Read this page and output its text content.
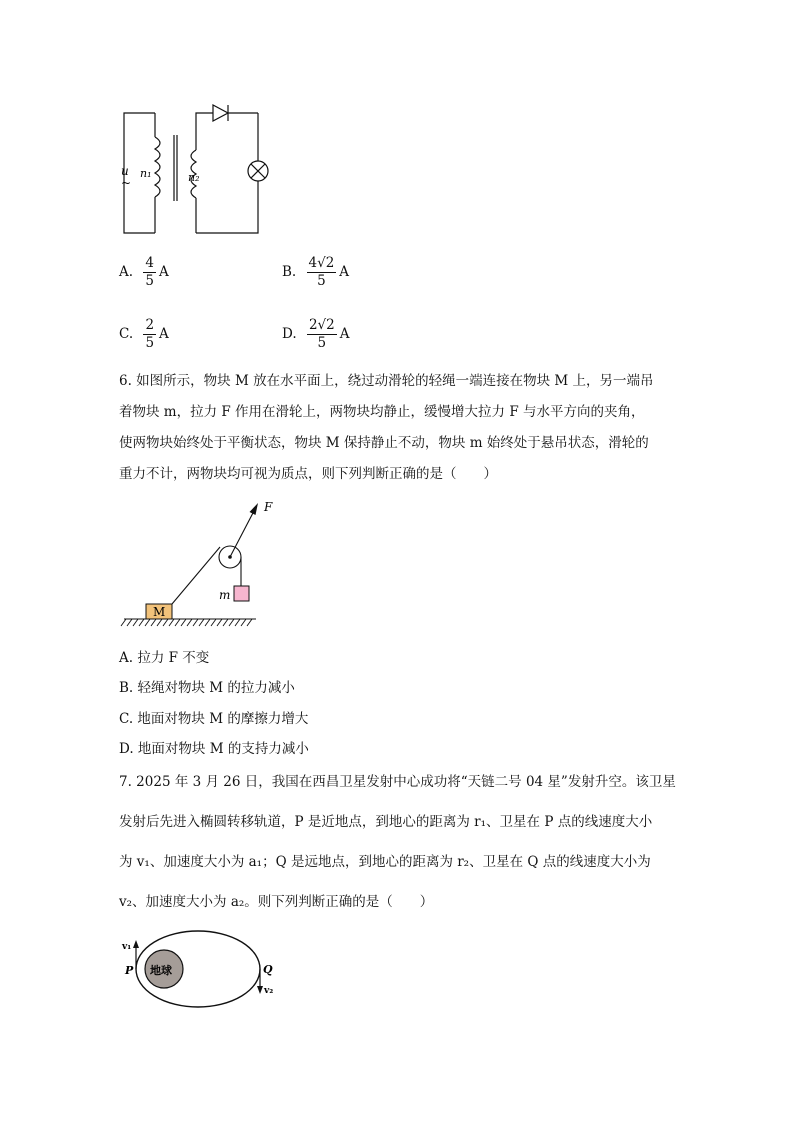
u
~
n₁	n₂
A. $\frac{4}{5}$ A	B. $\frac{4√2}{5}$ A
C. $\frac{2}{5}$ A	D. $\frac{2√2}{5}$ A
6. 如图所示，物块 M 放在水平面上，绕过动滑轮的轻绳一端连接在物块 M 上，另一端吊
着物块 m，拉力 F 作用在滑轮上，两物块均静止，缓慢增大拉力 F 与水平方向的夹角，
使两物块始终处于平衡状态，物块 M 保持静止不动，物块 m 始终处于悬吊状态，滑轮的
重力不计，两物块均可视为质点，则下列判断正确的是（　　）
M
m
F
A. 拉力 F 不变
B. 轻绳对物块 M 的拉力减小
C. 地面对物块 M 的摩擦力增大
D. 地面对物块 M 的支持力减小
7. 2025 年 3 月 26 日，我国在西昌卫星发射中心成功将“天链二号 04 星”发射升空。该卫星
发射后先进入椭圆转移轨道，P 是近地点，到地心的距离为 r₁、卫星在 P 点的线速度大小
为 v₁、加速度大小为 a₁；Q 是远地点，到地心的距离为 r₂、卫星在 Q 点的线速度大小为
v₂、加速度大小为 a₂。则下列判断正确的是（　　）
地球
v₁
P
v₂
Q
